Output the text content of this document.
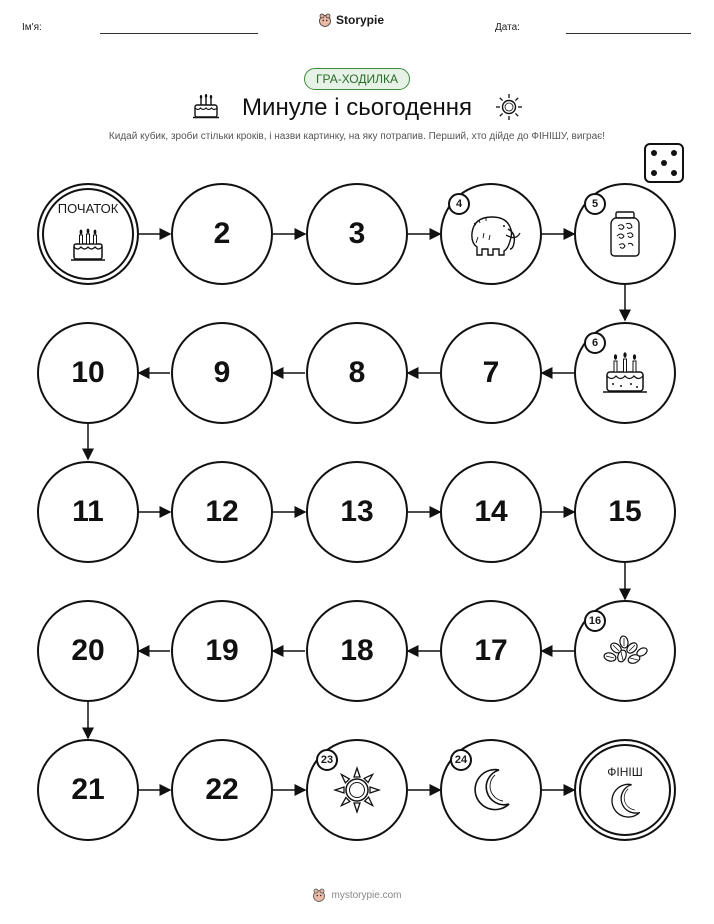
Ім'я:
Storypie
Дата:
ГРА-ХОДИЛКА
Минуле і сьогодення
Кидай кубик, зроби стільки кроків, і назви картинку, на яку потрапив. Перший, хто дійде до ФІНІШУ, виграє!
ПОЧАТОК
2	3
4	5
10	9	8	7
6
11	12	13	14	15
20	19	18	17
16
21	22
23	24
ФІНІШ
mystorypie.com
